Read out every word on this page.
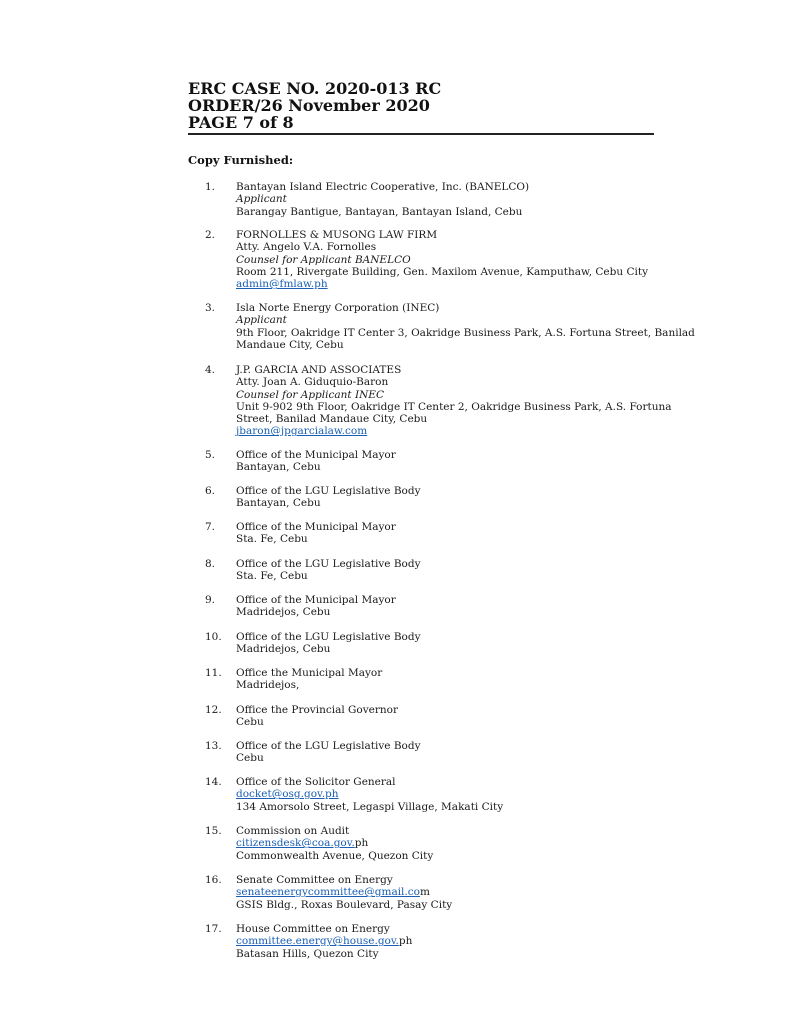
ERC CASE NO. 2020-013 RC
ORDER/26 November 2020
PAGE 7 of 8
Copy Furnished:
1.	Bantayan Island Electric Cooperative, Inc. (BANELCO)
Applicant
Barangay Bantigue, Bantayan, Bantayan Island, Cebu
2.	FORNOLLES & MUSONG LAW FIRM
Atty. Angelo V.A. Fornolles
Counsel for Applicant BANELCO
Room 211, Rivergate Building, Gen. Maxilom Avenue, Kamputhaw, Cebu City
admin@fmlaw.ph
3.	Isla Norte Energy Corporation (INEC)
Applicant
9th Floor, Oakridge IT Center 3, Oakridge Business Park, A.S. Fortuna Street, Banilad
Mandaue City, Cebu
4.	J.P. GARCIA AND ASSOCIATES
Atty. Joan A. Giduquio-Baron
Counsel for Applicant INEC
Unit 9-902 9th Floor, Oakridge IT Center 2, Oakridge Business Park, A.S. Fortuna
Street, Banilad Mandaue City, Cebu
jbaron@jpgarcialaw.com
5.	Office of the Municipal Mayor
Bantayan, Cebu
6.	Office of the LGU Legislative Body
Bantayan, Cebu
7.	Office of the Municipal Mayor
Sta. Fe, Cebu
8.	Office of the LGU Legislative Body
Sta. Fe, Cebu
9.	Office of the Municipal Mayor
Madridejos, Cebu
10.	Office of the LGU Legislative Body
Madridejos, Cebu
11.	Office the Municipal Mayor
Madridejos,
12.	Office the Provincial Governor
Cebu
13.	Office of the LGU Legislative Body
Cebu
14.	Office of the Solicitor General
docket@osg.gov.ph
134 Amorsolo Street, Legaspi Village, Makati City
15.	Commission on Audit
citizensdesk@coa.gov.ph
Commonwealth Avenue, Quezon City
16.	Senate Committee on Energy
senateenergycommittee@gmail.com
GSIS Bldg., Roxas Boulevard, Pasay City
17.	House Committee on Energy
committee.energy@house.gov.ph
Batasan Hills, Quezon City
